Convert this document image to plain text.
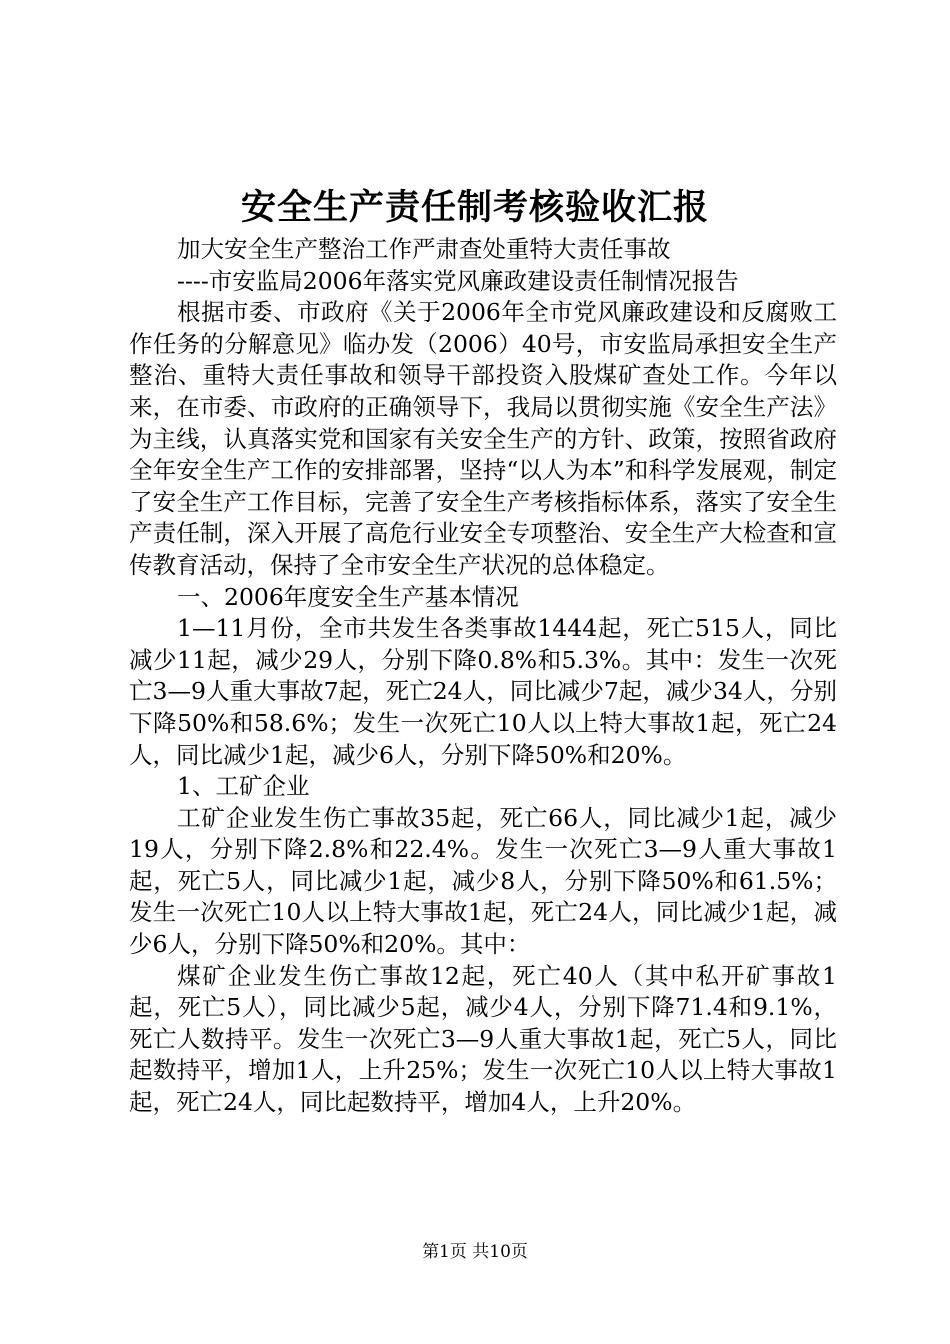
安全生产责任制考核验收汇报

加大安全生产整治工作严肃查处重特大责任事故

----市安监局2006年落实党风廉政建设责任制情况报告

根据市委、市政府《关于2006年全市党风廉政建设和反腐败工作任务的分解意见》临办发（2006）40号，市安监局承担安全生产整治、重特大责任事故和领导干部投资入股煤矿查处工作。今年以来，在市委、市政府的正确领导下，我局以贯彻实施《安全生产法》为主线，认真落实党和国家有关安全生产的方针、政策，按照省政府全年安全生产工作的安排部署，坚持“以人为本”和科学发展观，制定了安全生产工作目标，完善了安全生产考核指标体系，落实了安全生产责任制，深入开展了高危行业安全专项整治、安全生产大检查和宣传教育活动，保持了全市安全生产状况的总体稳定。

一、2006年度安全生产基本情况

1—11月份，全市共发生各类事故1444起，死亡515人，同比减少11起，减少29人，分别下降0.8%和5.3%。其中：发生一次死亡3—9人重大事故7起，死亡24人，同比减少7起，减少34人，分别下降50%和58.6%；发生一次死亡10人以上特大事故1起，死亡24人，同比减少1起，减少6人，分别下降50%和20%。

1、工矿企业

工矿企业发生伤亡事故35起，死亡66人，同比减少1起，减少19人，分别下降2.8%和22.4%。发生一次死亡3—9人重大事故1起，死亡5人，同比减少1起，减少8人，分别下降50%和61.5%；发生一次死亡10人以上特大事故1起，死亡24人，同比减少1起，减少6人，分别下降50%和20%。其中：

煤矿企业发生伤亡事故12起，死亡40人（其中私开矿事故1起，死亡5人），同比减少5起，减少4人，分别下降71.4和9.1%，死亡人数持平。发生一次死亡3—9人重大事故1起，死亡5人，同比起数持平，增加1人，上升25%；发生一次死亡10人以上特大事故1起，死亡24人，同比起数持平，增加4人，上升20%。

第1页 共10页
